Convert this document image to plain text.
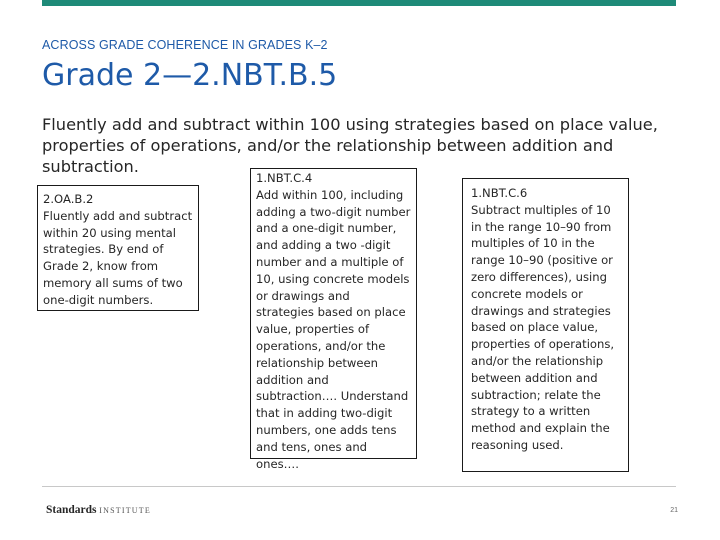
ACROSS GRADE COHERENCE IN GRADES K–2
Grade 2—2.NBT.B.5
Fluently add and subtract within 100 using strategies based on place value, properties of operations, and/or the relationship between addition and subtraction.
2.OA.B.2
Fluently add and subtract within 20 using mental strategies. By end of Grade 2, know from memory all sums of two one-digit numbers.
1.NBT.C.4
Add within 100, including adding a two-digit number and a one-digit number, and adding a two -digit number and a multiple of 10, using concrete models or drawings and strategies based on place value, properties of operations, and/or the relationship between addition and subtraction…. Understand that in adding two-digit numbers, one adds tens and tens, ones and ones….
1.NBT.C.6
Subtract multiples of 10 in the range 10–90 from multiples of 10 in the range 10–90 (positive or zero differences), using concrete models or drawings and strategies based on place value, properties of operations, and/or the relationship between addition and subtraction; relate the strategy to a written method and explain the reasoning used.
Standards INSTITUTE	21
